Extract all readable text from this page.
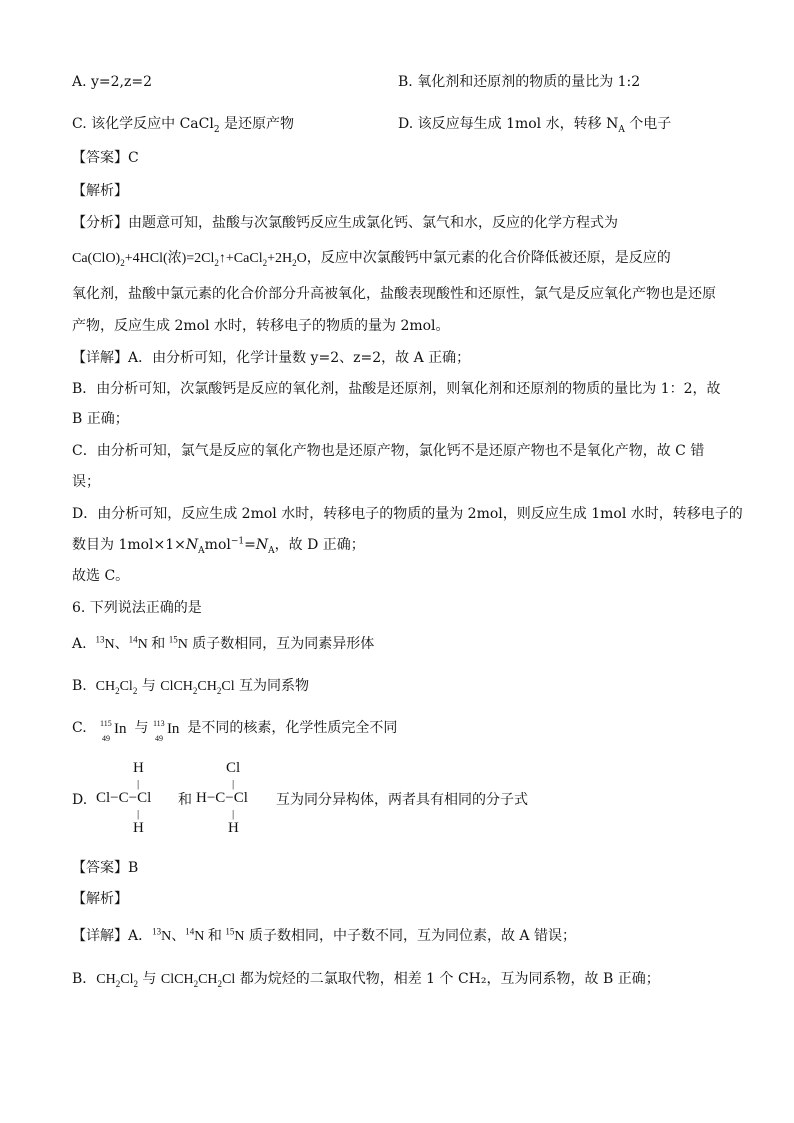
A. y=2,z=2	B. 氧化剂和还原剂的物质的量比为 1:2
C. 该化学反应中 CaCl$_2$ 是还原产物	D. 该反应每生成 1mol 水，转移 $N_A$ 个电子
【答案】C
【解析】
【分析】由题意可知，盐酸与次氯酸钙反应生成氯化钙、氯气和水，反应的化学方程式为
$Ca(ClO)_2+4HCl$(浓)$=2Cl_2↑+CaCl_2+2H_2O$，反应中次氯酸钙中氯元素的化合价降低被还原，是反应的
氧化剂，盐酸中氯元素的化合价部分升高被氧化，盐酸表现酸性和还原性，氯气是反应氧化产物也是还原
产物，反应生成 2mol 水时，转移电子的物质的量为 2mol。
【详解】A．由分析可知，化学计量数 y=2、z=2，故 A 正确；
B．由分析可知，次氯酸钙是反应的氧化剂，盐酸是还原剂，则氧化剂和还原剂的物质的量比为 1：2，故
B 正确；
C．由分析可知，氯气是反应的氧化产物也是还原产物，氯化钙不是还原产物也不是氧化产物，故 C 错
误；
D．由分析可知，反应生成 2mol 水时，转移电子的物质的量为 2mol，则反应生成 1mol 水时，转移电子的
数目为 $1mol\times 1\times N_Amol^{-1}=N_A$，故 D 正确；
故选 C。
6. 下列说法正确的是
A.  $^{13}$N、$^{14}$N 和 $^{15}$N 质子数相同，互为同素异形体
B.  $CH_2Cl_2$ 与 $ClCH_2CH_2Cl$ 互为同系物
C. 115
49
In 与 113
49
In 是不同的核素，化学性质完全不同
D.
H
|
Cl−C−Cl
|
H
和
Cl
|
H−C−Cl
|
H
互为同分异构体，两者具有相同的分子式
【答案】B
【解析】
【详解】A．$^{13}$N、$^{14}$N 和 $^{15}$N 质子数相同，中子数不同，互为同位素，故 A 错误；
B．$CH_2Cl_2$ 与 $ClCH_2CH_2Cl$ 都为烷烃的二氯取代物，相差 1 个 CH₂，互为同系物，故 B 正确；
